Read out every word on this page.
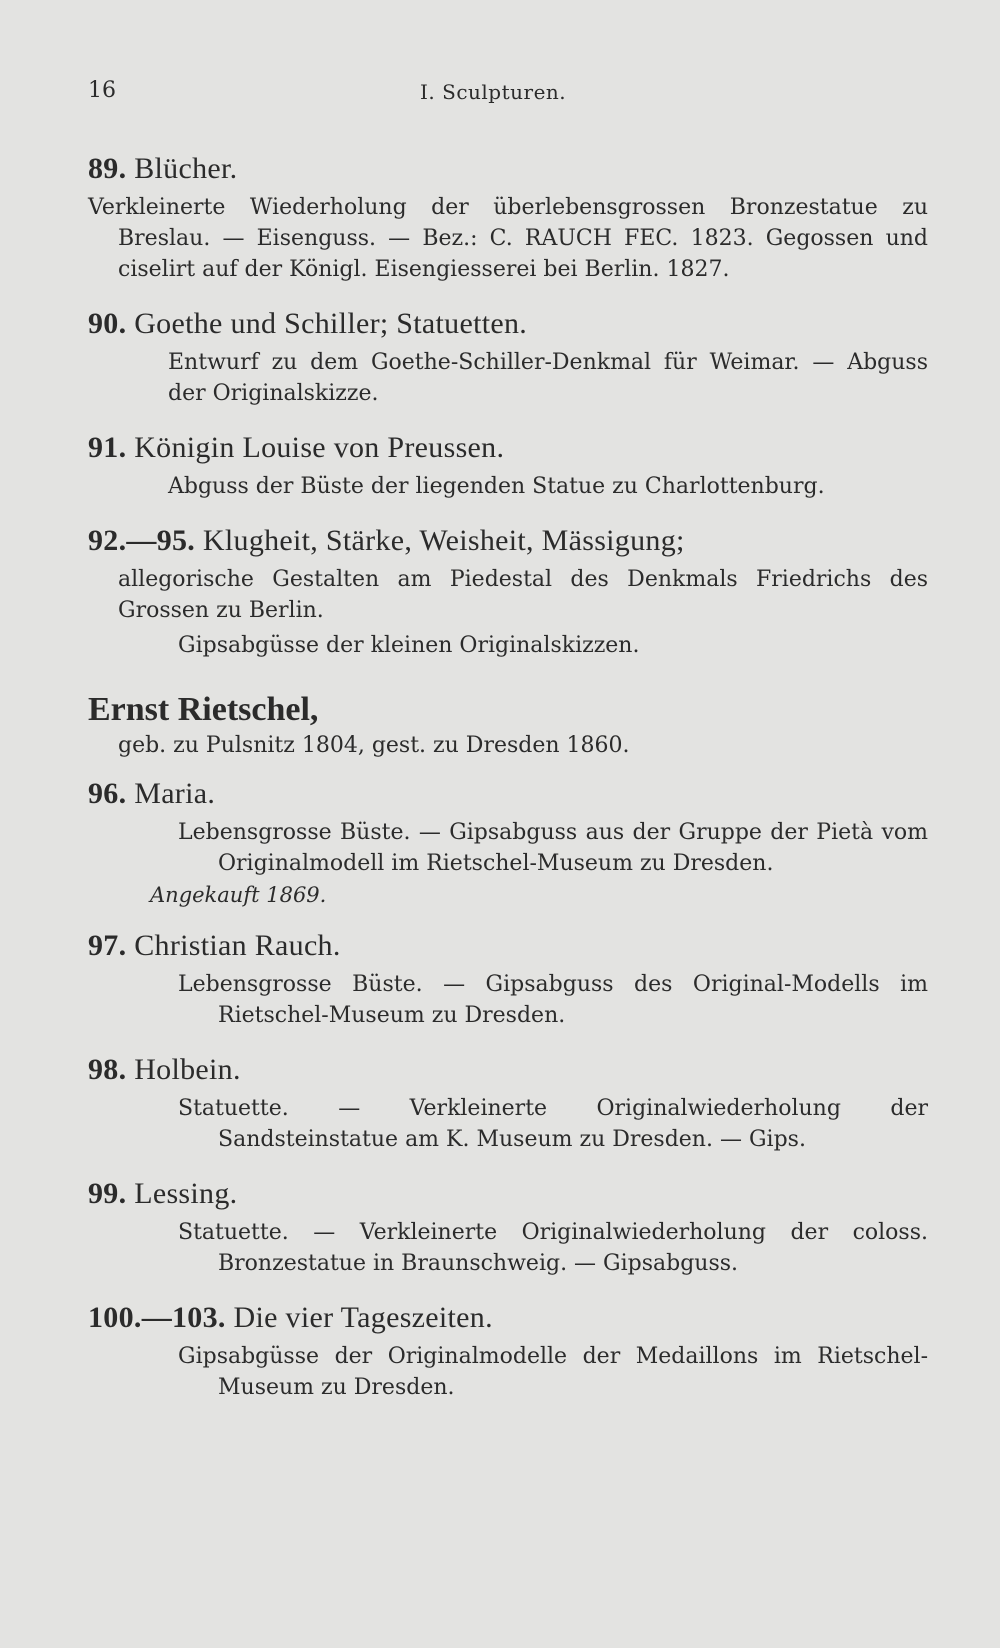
16	I. Sculpturen.
89. Blücher.

Verkleinerte Wiederholung der überlebensgrossen Bronzestatue zu Breslau. — Eisenguss. — Bez.: C. RAUCH FEC. 1823. Gegossen und ciselirt auf der Königl. Eisengiesserei bei Berlin. 1827.

90. Goethe und Schiller; Statuetten.

Entwurf zu dem Goethe-Schiller-Denkmal für Weimar. — Abguss der Originalskizze.

91. Königin Louise von Preussen.

Abguss der Büste der liegenden Statue zu Charlottenburg.

92.—95. Klugheit, Stärke, Weisheit, Mässigung;

allegorische Gestalten am Piedestal des Denkmals Friedrichs des Grossen zu Berlin.

Gipsabgüsse der kleinen Originalskizzen.

Ernst Rietschel,
geb. zu Pulsnitz 1804, gest. zu Dresden 1860.
96. Maria.

Lebensgrosse Büste. — Gipsabguss aus der Gruppe der Pietà vom Originalmodell im Rietschel-Museum zu Dresden.

Angekauft 1869.
97. Christian Rauch.

Lebensgrosse Büste. — Gipsabguss des Original-Modells im Rietschel-Museum zu Dresden.

98. Holbein.

Statuette. — Verkleinerte Originalwiederholung der Sandsteinstatue am K. Museum zu Dresden. — Gips.

99. Lessing.

Statuette. — Verkleinerte Originalwiederholung der coloss. Bronzestatue in Braunschweig. — Gipsabguss.

100.—103. Die vier Tageszeiten.

Gipsabgüsse der Originalmodelle der Medaillons im Rietschel-Museum zu Dresden.
